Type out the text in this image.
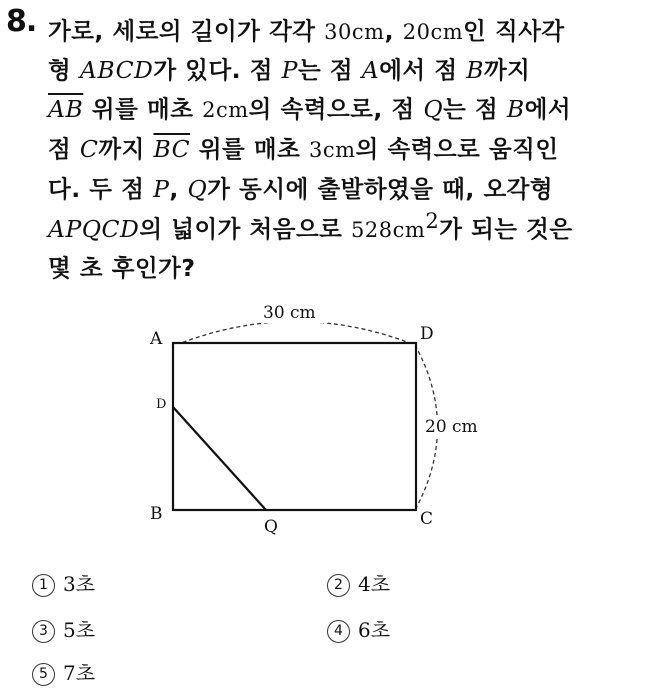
8. 가로, 세로의 길이가 각각 30cm, 20cm인 직사각
형 ABCD가 있다. 점 P는 점 A에서 점 B까지
$\overline{AB}$ 위를 매초 2cm의 속력으로, 점 Q는 점 B에서
점 C까지 $\overline{BC}$ 위를 매초 3cm의 속력으로 움직인
다. 두 점 P, Q가 동시에 출발하였을 때, 오각형
APQCD의 넓이가 처음으로 $528cm^2$가 되는 것은
몇 초 후인가?
30 cm
20 cm
A	D
D
B	C
Q
1 3초	2 4초
3 5초	4 6초
5 7초
